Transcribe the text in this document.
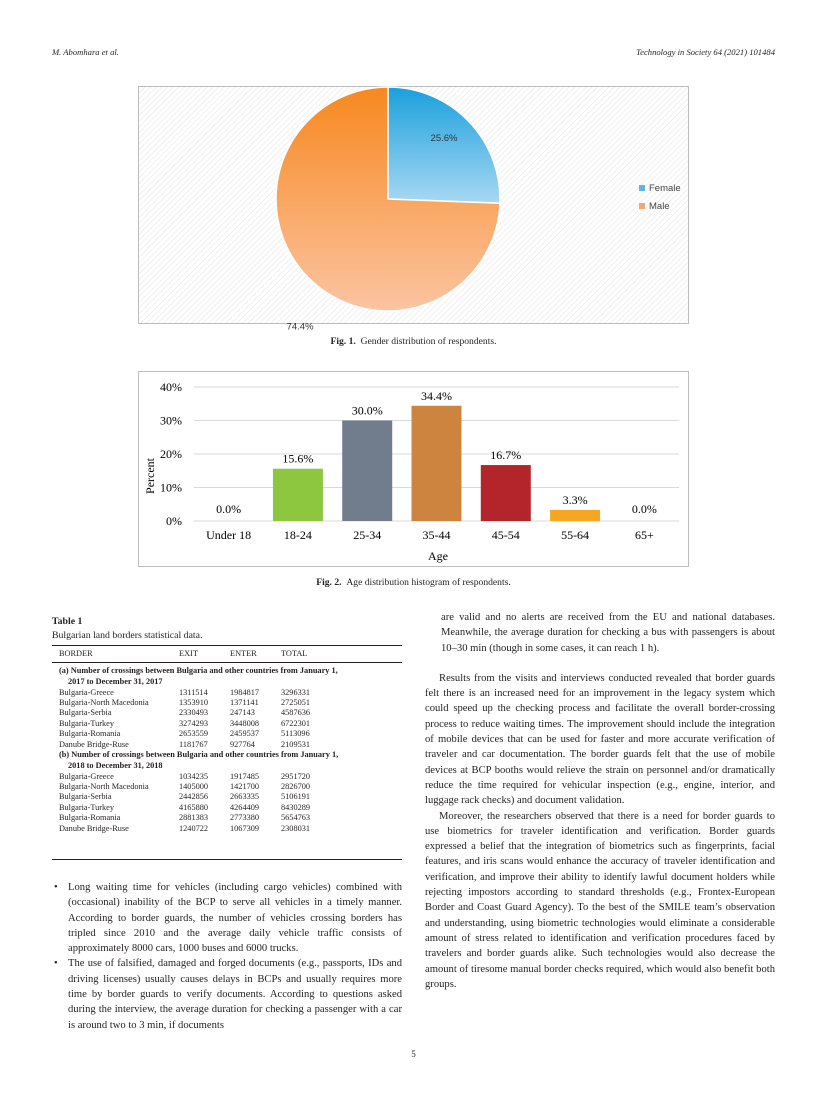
M. Abomhara et al.	Technology in Society 64 (2021) 101484
25.6%
74.4%
Female
Male
Fig. 1. Gender distribution of respondents.
0.0%
15.6%
30.0%
34.4%
16.7%
3.3%
0.0%
0%
10%
20%
30%
40%
Under 18	18-24	25-34	35-44	45-54	55-64	65+
Percent
Age
Fig. 2. Age distribution histogram of respondents.
Table 1
Bulgarian land borders statistical data.
BORDER	EXIT	ENTER	TOTAL
(a) Number of crossings between Bulgaria and other countries from January 1,
2017 to December 31, 2017
Bulgaria-Greece	1311514	1984817	3296331
Bulgaria-North Macedonia	1353910	1371141	2725051
Bulgaria-Serbia	2330493	247143	4587636
Bulgaria-Turkey	3274293	3448008	6722301
Bulgaria-Romania	2653559	2459537	5113096
Danube Bridge-Ruse	1181767	927764	2109531
(b) Number of crossings between Bulgaria and other countries from January 1,
2018 to December 31, 2018
Bulgaria-Greece	1034235	1917485	2951720
Bulgaria-North Macedonia	1405000	1421700	2826700
Bulgaria-Serbia	2442856	2663335	5106191
Bulgaria-Turkey	4165880	4264409	8430289
Bulgaria-Romania	2881383	2773380	5654763
Danube Bridge-Ruse	1240722	1067309	2308031
• Long waiting time for vehicles (including cargo vehicles) combined with (occasional) inability of the BCP to serve all vehicles in a timely manner. According to border guards, the number of vehicles crossing borders has tripled since 2010 and the average daily vehicle traffic consists of approximately 8000 cars, 1000 buses and 6000 trucks.
• The use of falsified, damaged and forged documents (e.g., passports, IDs and driving licenses) usually causes delays in BCPs and usually requires more time by border guards to verify documents. According to questions asked during the interview, the average duration for checking a passenger with a car is around two to 3 min, if documents

are valid and no alerts are received from the EU and national databases. Meanwhile, the average duration for checking a bus with passengers is about 10–30 min (though in some cases, it can reach 1 h).

Results from the visits and interviews conducted revealed that border guards felt there is an increased need for an improvement in the legacy system which could speed up the checking process and facilitate the overall border-crossing process to reduce waiting times. The improvement should include the integration of mobile devices that can be used for faster and more accurate verification of traveler and car documentation. The border guards felt that the use of mobile devices at BCP booths would relieve the strain on personnel and/or dramatically reduce the time required for vehicular inspection (e.g., engine, interior, and luggage rack checks) and document validation.

Moreover, the researchers observed that there is a need for border guards to use biometrics for traveler identification and verification. Border guards expressed a belief that the integration of biometrics such as fingerprints, facial features, and iris scans would enhance the accuracy of traveler identification and verification, and improve their ability to identify lawful document holders while rejecting impostors according to standard thresholds (e.g., Frontex-European Border and Coast Guard Agency). To the best of the SMILE team’s observation and understanding, using biometric technologies would eliminate a considerable amount of stress related to identification and verification procedures faced by travelers and border guards alike. Such technologies would also decrease the amount of tiresome manual border checks required, which would also benefit both groups.

5
